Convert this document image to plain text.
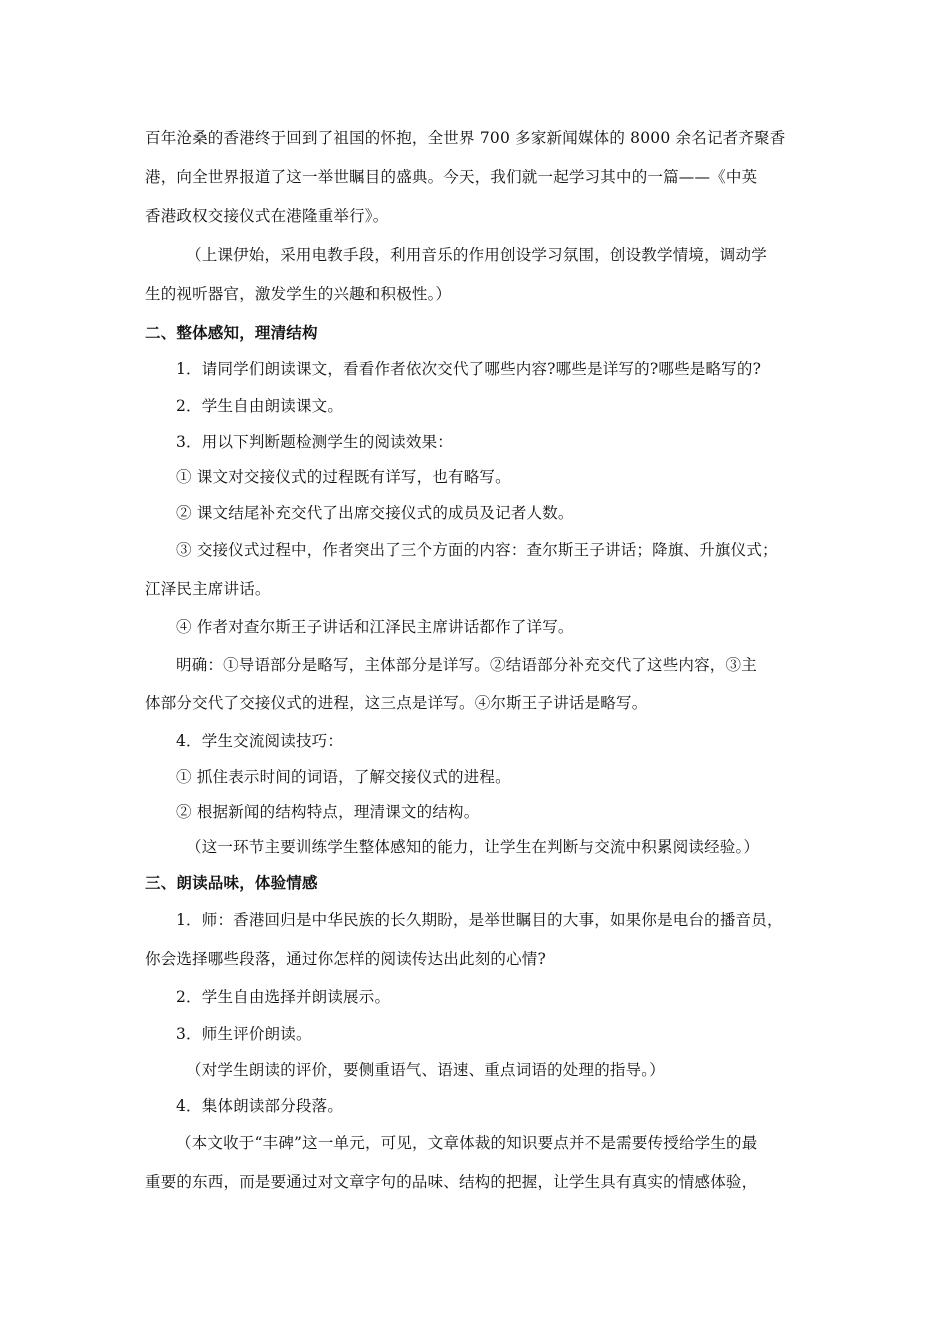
百年沧桑的香港终于回到了祖国的怀抱，全世界 700 多家新闻媒体的 8000 余名记者齐聚香
港，向全世界报道了这一举世瞩目的盛典。今天，我们就一起学习其中的一篇——《中英
香港政权交接仪式在港隆重举行》。
（上课伊始，采用电教手段，利用音乐的作用创设学习氛围，创设教学情境，调动学
生的视听器官，激发学生的兴趣和积极性。）
二、整体感知，理清结构
1．请同学们朗读课文，看看作者依次交代了哪些内容?哪些是详写的?哪些是略写的?
2．学生自由朗读课文。
3．用以下判断题检测学生的阅读效果：
① 课文对交接仪式的过程既有详写，也有略写。
② 课文结尾补充交代了出席交接仪式的成员及记者人数。
③ 交接仪式过程中，作者突出了三个方面的内容：查尔斯王子讲话；降旗、升旗仪式；
江泽民主席讲话。
④ 作者对查尔斯王子讲话和江泽民主席讲话都作了详写。
明确：①导语部分是略写，主体部分是详写。②结语部分补充交代了这些内容，③主
体部分交代了交接仪式的进程，这三点是详写。④尔斯王子讲话是略写。
4．学生交流阅读技巧：
① 抓住表示时间的词语，了解交接仪式的进程。
② 根据新闻的结构特点，理清课文的结构。
（这一环节主要训练学生整体感知的能力，让学生在判断与交流中积累阅读经验。）
三、朗读品味，体验情感
1．师：香港回归是中华民族的长久期盼，是举世瞩目的大事，如果你是电台的播音员，
你会选择哪些段落，通过你怎样的阅读传达出此刻的心情?
2．学生自由选择并朗读展示。
3．师生评价朗读。
（对学生朗读的评价，要侧重语气、语速、重点词语的处理的指导。）
4．集体朗读部分段落。
（本文收于“丰碑”这一单元，可见，文章体裁的知识要点并不是需要传授给学生的最
重要的东西，而是要通过对文章字句的品味、结构的把握，让学生具有真实的情感体验，
